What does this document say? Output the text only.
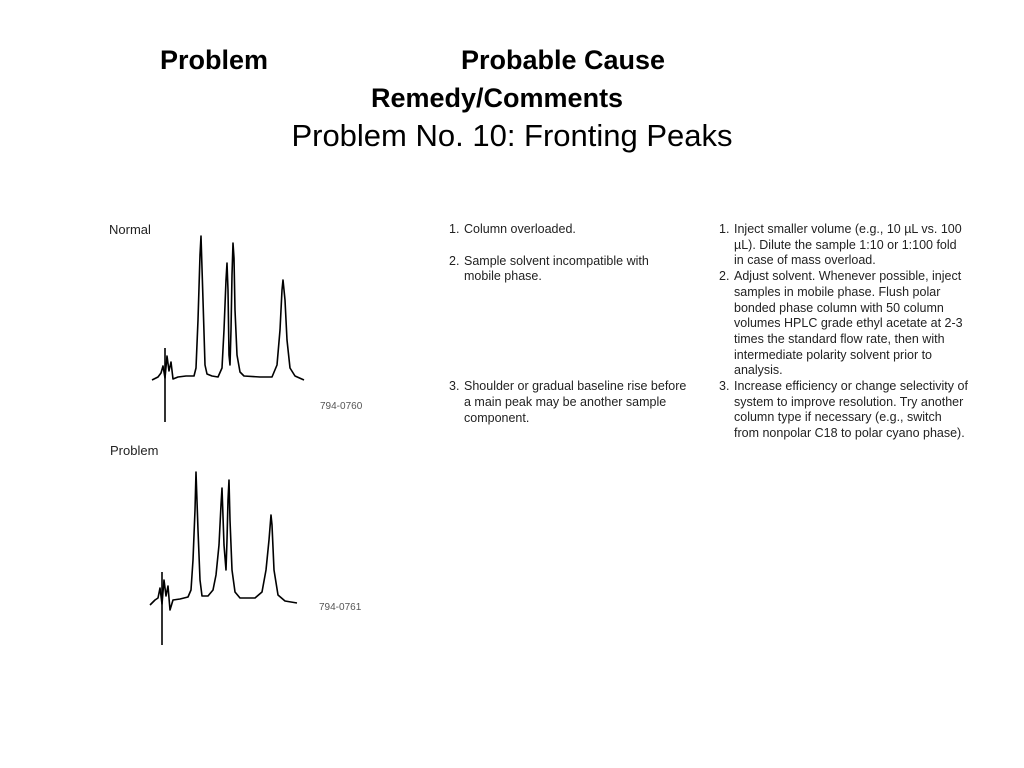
Problem	Probable Cause
Remedy/Comments
Problem No. 10: Fronting Peaks
Normal
794-0760
Problem
794-0761
1. Column overloaded.
2. Sample solvent incompatible with mobile phase.
3. Shoulder or gradual baseline rise before a main peak may be another sample component.
1. Inject smaller volume (e.g., 10 µL vs. 100 µL). Dilute the sample 1:10 or 1:100 fold in case of mass overload.
2. Adjust solvent. Whenever possible, inject samples in mobile phase. Flush polar bonded phase column with 50 column volumes HPLC grade ethyl acetate at 2-3 times the standard flow rate, then with intermediate polarity solvent prior to analysis.
3. Increase efficiency or change selectivity of system to improve resolution. Try another column type if necessary (e.g., switch from nonpolar C18 to polar cyano phase).
